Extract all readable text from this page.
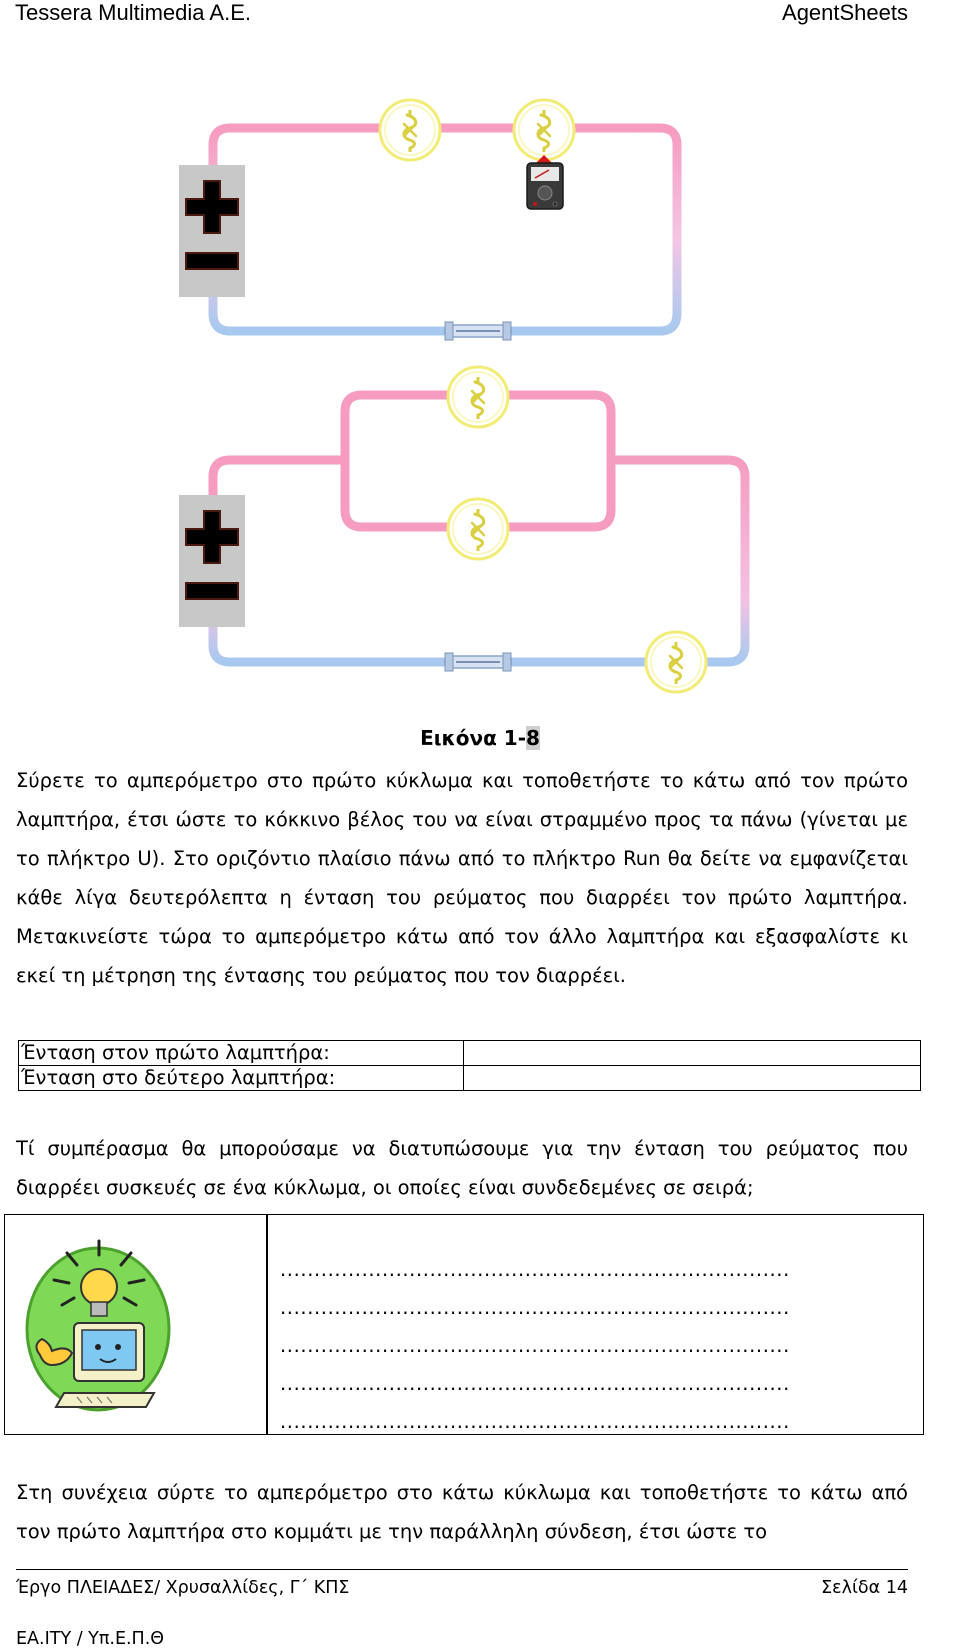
Tessera Multimedia A.E.	AgentSheets
Εικόνα 1-8

Σύρετε το αμπερόμετρο στο πρώτο κύκλωμα και τοποθετήστε το κάτω από τον πρώτο λαμπτήρα, έτσι ώστε το κόκκινο βέλος του να είναι στραμμένο προς τα πάνω (γίνεται με το πλήκτρο U). Στο οριζόντιο πλαίσιο πάνω από το πλήκτρο Run θα δείτε να εμφανίζεται κάθε λίγα δευτερόλεπτα η ένταση του ρεύματος που διαρρέει τον πρώτο λαμπτήρα. Μετακινείστε τώρα το αμπερόμετρο κάτω από τον άλλο λαμπτήρα και εξασφαλίστε κι εκεί τη μέτρηση της έντασης του ρεύματος που τον διαρρέει.

Ένταση στον πρώτο λαμπτήρα:	
Ένταση στο δεύτερο λαμπτήρα:	

Τί συμπέρασμα θα μπορούσαμε να διατυπώσουμε για την ένταση του ρεύματος που διαρρέει συσκευές σε ένα κύκλωμα, οι οποίες είναι συνδεδεμένες σε σειρά;

...........................................................................
...........................................................................
...........................................................................
...........................................................................
...........................................................................

Στη συνέχεια σύρτε το αμπερόμετρο στο κάτω κύκλωμα και τοποθετήστε το κάτω από τον πρώτο λαμπτήρα στο κομμάτι με την παράλληλη σύνδεση, έτσι ώστε το

Έργο ΠΛΕΙΑΔΕΣ/ Χρυσαλλίδες, Γ΄ ΚΠΣ	Σελίδα 14
ΕΑ.ΙΤΥ / Υπ.Ε.Π.Θ
